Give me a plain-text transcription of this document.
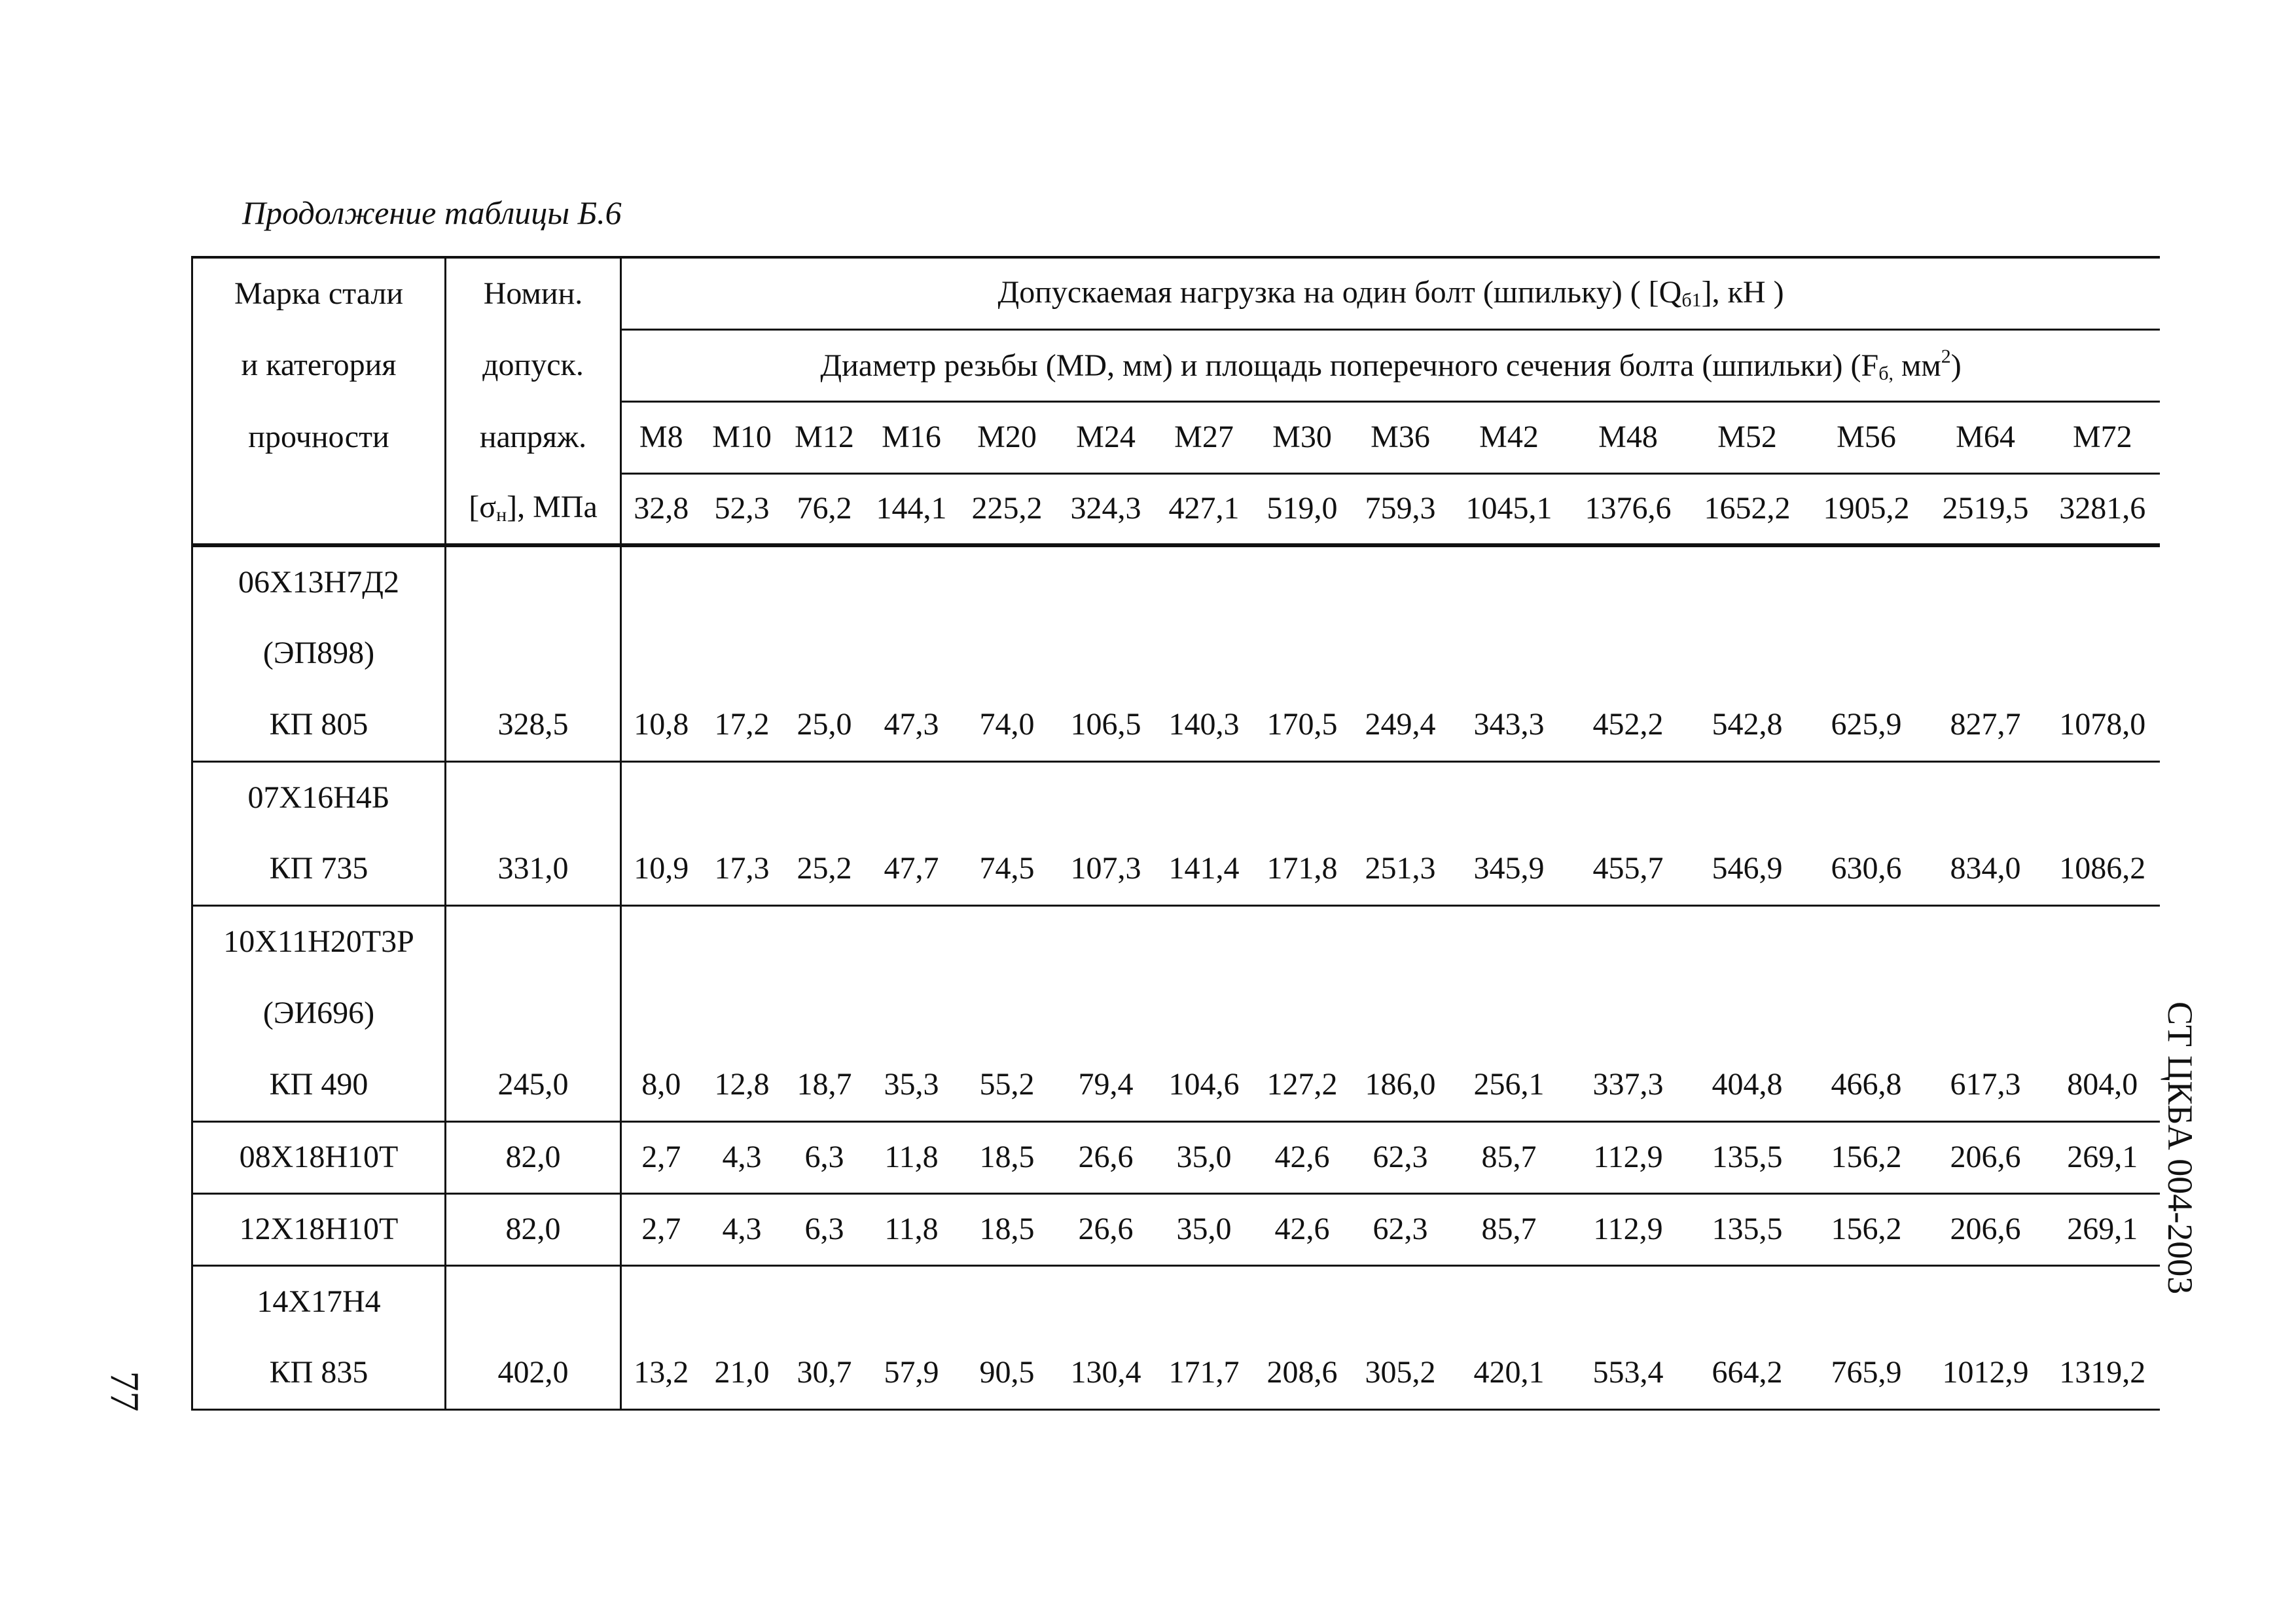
Продолжение таблицы Б.6
77
СТ ЦКБА 004-2003
Марка стали	Номин.	Допускаемая нагрузка на один болт (шпильку) ( $[Q_{б1}]$, кН )														
и категория	допуск.	Диаметр резьбы (MD, мм) и площадь поперечного сечения болта (шпильки) ($F_{б,}$ $мм^2$)														
прочности	напряж.	М8	М10	М12	М16	М20	М24	М27	М30	М36	М42	М48	М52	М56	М64	М72
	$[\sigma_н]$, МПа	32,8	52,3	76,2	144,1	225,2	324,3	427,1	519,0	759,3	1045,1	1376,6	1652,2	1905,2	2519,5	3281,6
06Х13Н7Д2																
(ЭП898)																
КП 805	328,5	10,8	17,2	25,0	47,3	74,0	106,5	140,3	170,5	249,4	343,3	452,2	542,8	625,9	827,7	1078,0
07Х16Н4Б																
КП 735	331,0	10,9	17,3	25,2	47,7	74,5	107,3	141,4	171,8	251,3	345,9	455,7	546,9	630,6	834,0	1086,2
10Х11Н20Т3Р																
(ЭИ696)																
КП 490	245,0	8,0	12,8	18,7	35,3	55,2	79,4	104,6	127,2	186,0	256,1	337,3	404,8	466,8	617,3	804,0
08Х18Н10Т	82,0	2,7	4,3	6,3	11,8	18,5	26,6	35,0	42,6	62,3	85,7	112,9	135,5	156,2	206,6	269,1
12Х18Н10Т	82,0	2,7	4,3	6,3	11,8	18,5	26,6	35,0	42,6	62,3	85,7	112,9	135,5	156,2	206,6	269,1
14Х17Н4																
КП 835	402,0	13,2	21,0	30,7	57,9	90,5	130,4	171,7	208,6	305,2	420,1	553,4	664,2	765,9	1012,9	1319,2
